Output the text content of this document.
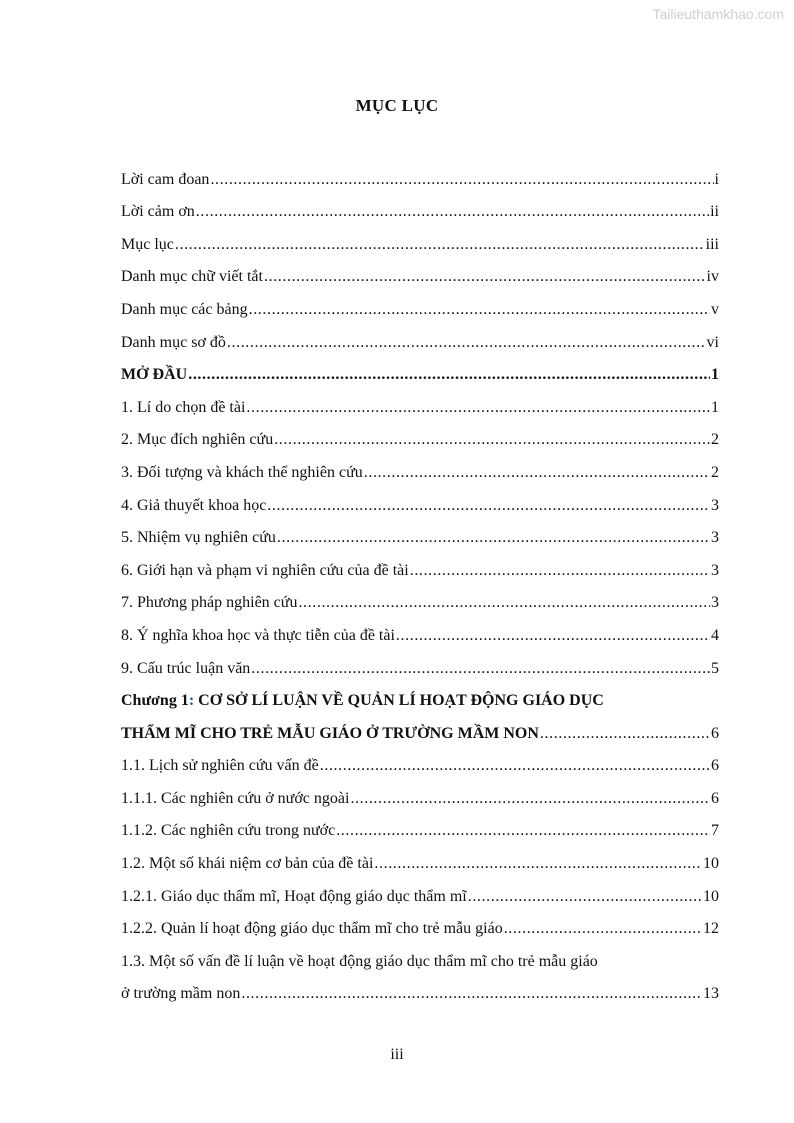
Tailieuthamkhao.com
MỤC LỤC
Lời cam đoan .....	i
Lời cảm ơn .....	ii
Mục lục .....	iii
Danh mục chữ viết tắt .....	iv
Danh mục các bảng .....	v
Danh mục sơ đồ .....	vi
MỞ ĐẦU .....	1
1. Lí do chọn đề tài .....	1
2. Mục đích nghiên cứu .....	2
3. Đối tượng và khách thể nghiên cứu .....	2
4. Giả thuyết khoa học .....	3
5. Nhiệm vụ nghiên cứu .....	3
6. Giới hạn và phạm vi nghiên cứu của đề tài .....	3
7. Phương pháp nghiên cứu .....	3
8. Ý nghĩa khoa học và thực tiễn của đề tài .....	4
9. Cấu trúc luận văn .....	5
Chương 1 :
CƠ SỞ LÍ LUẬN VỀ QUẢN LÍ HOẠT ĐỘNG GIÁO DỤC
THẨM MĨ CHO TRẺ MẪU GIÁO Ở TRƯỜNG MẦM NON .....	6
1.1. Lịch sử nghiên cứu vấn đề .....	6
1.1.1. Các nghiên cứu ở nước ngoài .....	6
1.1.2. Các nghiên cứu trong nước .....	7
1.2. Một số khái niệm cơ bản của đề tài .....	10
1.2.1. Giáo dục thẩm mĩ, Hoạt động giáo dục thẩm mĩ .....	10
1.2.2. Quản lí hoạt động giáo dục thẩm mĩ cho trẻ mẫu giáo .....	12
1.3. Một số vấn đề lí luận về hoạt động giáo dục thẩm mĩ cho trẻ mẫu giáo
ở trường mầm non .....	13
iii
